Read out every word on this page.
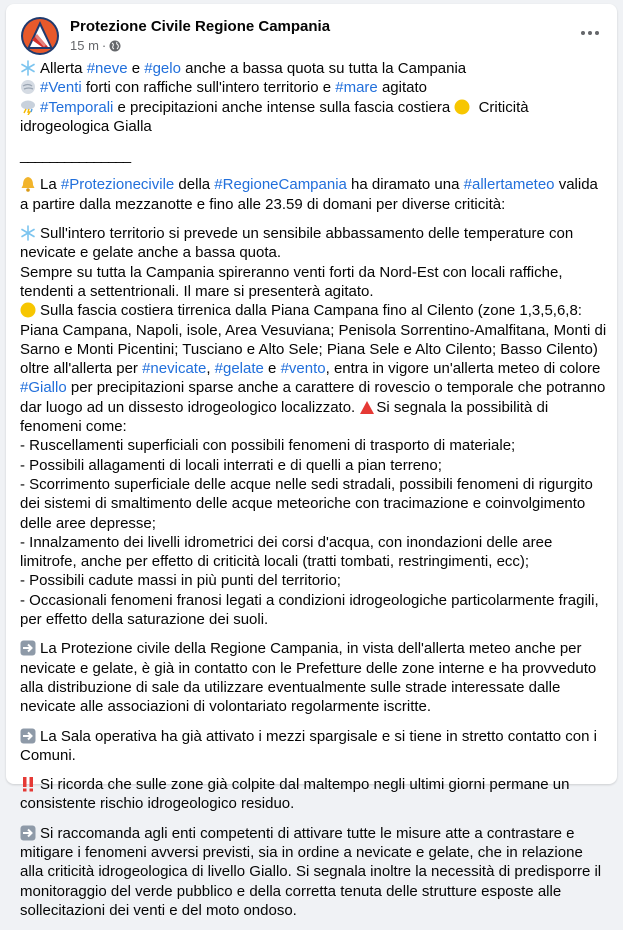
Protezione Civile Regione Campania
15 m ·

Allerta #neve e #gelo anche a bassa quota su tutta la Campania
#Venti forti con raffiche sull'intero territorio e #mare agitato
#Temporali e precipitazioni anche intense sulla fascia costiera  Criticità idrogeologica Gialla

_______________

La #Protezionecivile della #RegioneCampania ha diramato una #allertameteo valida a partire dalla mezzanotte e fino alle 23.59 di domani per diverse criticità:

Sull'intero territorio si prevede un sensibile abbassamento delle temperature con nevicate e gelate anche a bassa quota.
Sempre su tutta la Campania spireranno venti forti da Nord-Est con locali raffiche, tendenti a settentrionali. Il mare si presenterà agitato.
Sulla fascia costiera tirrenica dalla Piana Campana fino al Cilento (zone 1,3,5,6,8: Piana Campana, Napoli, isole, Area Vesuviana; Penisola Sorrentino-Amalfitana, Monti di Sarno e Monti Picentini; Tusciano e Alto Sele; Piana Sele e Alto Cilento; Basso Cilento) oltre all'allerta per #nevicate, #gelate e #vento, entra in vigore un'allerta meteo di colore #Giallo per precipitazioni sparse anche a carattere di rovescio o temporale che potranno dar luogo ad un dissesto idrogeologico localizzato. Si segnala la possibilità di fenomeni come:
- Ruscellamenti superficiali con possibili fenomeni di trasporto di materiale;
- Possibili allagamenti di locali interrati e di quelli a pian terreno;
- Scorrimento superficiale delle acque nelle sedi stradali, possibili fenomeni di rigurgito dei sistemi di smaltimento delle acque meteoriche con tracimazione e coinvolgimento delle aree depresse;
- Innalzamento dei livelli idrometrici dei corsi d'acqua, con inondazioni delle aree limitrofe, anche per effetto di criticità locali (tratti tombati, restringimenti, ecc);
- Possibili cadute massi in più punti del territorio;
- Occasionali fenomeni franosi legati a condizioni idrogeologiche particolarmente fragili, per effetto della saturazione dei suoli.

La Protezione civile della Regione Campania, in vista dell'allerta meteo anche per nevicate e gelate, è già in contatto con le Prefetture delle zone interne e ha provveduto alla distribuzione di sale da utilizzare eventualmente sulle strade interessate dalle nevicate alle associazioni di volontariato regolarmente iscritte.

La Sala operativa ha già attivato i mezzi spargisale e si tiene in stretto contatto con i Comuni.

Si ricorda che sulle zone già colpite dal maltempo negli ultimi giorni permane un consistente rischio idrogeologico residuo.

Si raccomanda agli enti competenti di attivare tutte le misure atte a contrastare e mitigare i fenomeni avversi previsti, sia in ordine a nevicate e gelate, che in relazione alla criticità idrogeologica di livello Giallo. Si segnala inoltre la necessità di predisporre il monitoraggio del verde pubblico e della corretta tenuta delle strutture esposte alle sollecitazioni dei venti e del moto ondoso.
